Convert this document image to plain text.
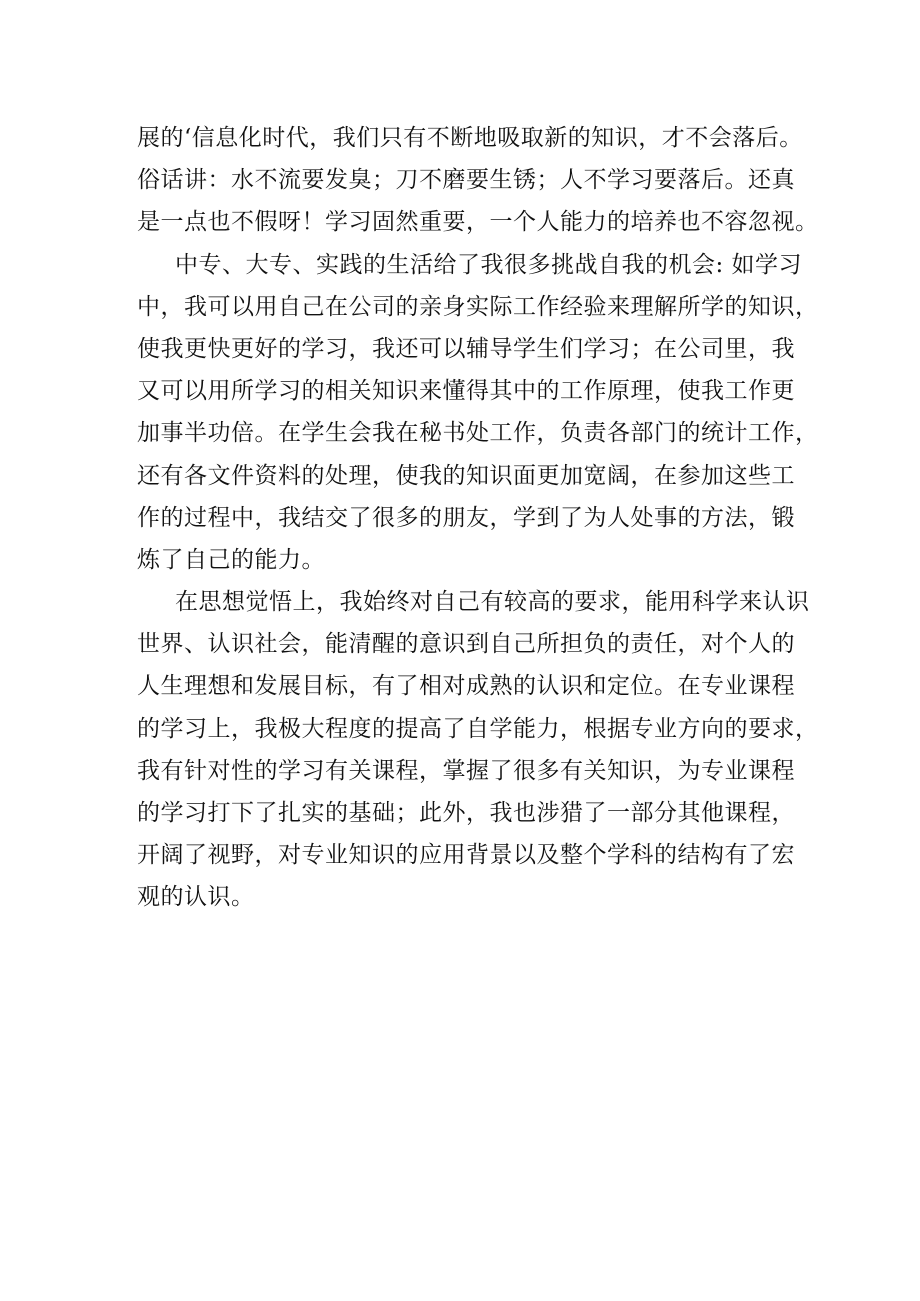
展的‘信息化时代，我们只有不断地吸取新的知识，才不会落后。
俗话讲：水不流要发臭；刀不磨要生锈；人不学习要落后。还真
是一点也不假呀！学习固然重要，一个人能力的培养也不容忽视。
中专、大专、实践的生活给了我很多挑战自我的机会: 如学习
中，我可以用自己在公司的亲身实际工作经验来理解所学的知识，
使我更快更好的学习，我还可以辅导学生们学习；在公司里，我
又可以用所学习的相关知识来懂得其中的工作原理，使我工作更
加事半功倍。在学生会我在秘书处工作，负责各部门的统计工作，
还有各文件资料的处理，使我的知识面更加宽阔，在参加这些工
作的过程中，我结交了很多的朋友，学到了为人处事的方法，锻
炼了自己的能力。
在思想觉悟上，我始终对自己有较高的要求，能用科学来认识
世界、认识社会，能清醒的意识到自己所担负的责任，对个人的
人生理想和发展目标，有了相对成熟的认识和定位。在专业课程
的学习上，我极大程度的提高了自学能力，根据专业方向的要求，
我有针对性的学习有关课程，掌握了很多有关知识，为专业课程
的学习打下了扎实的基础；此外，我也涉猎了一部分其他课程，
开阔了视野，对专业知识的应用背景以及整个学科的结构有了宏
观的认识。
